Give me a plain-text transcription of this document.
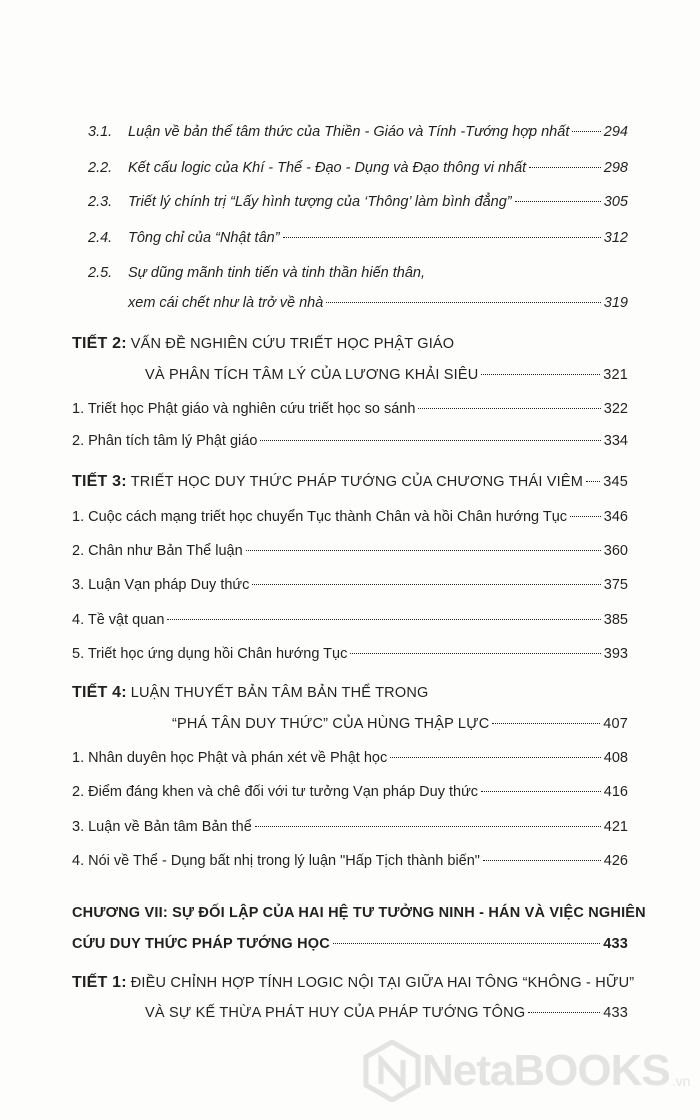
3.1.	Luận về bản thể tâm thức của Thiền - Giáo và Tính -Tướng hợp nhất 294
2.2.	Kết cấu logic của Khí - Thể - Đạo - Dụng và Đạo thông vi nhất	298
2.3.	Triết lý chính trị “Lấy hình tượng của ‘Thông’ làm bình đẳng”	305
2.4.	Tông chỉ của “Nhật tân”	312
2.5.	Sự dũng mãnh tinh tiến và tinh thần hiến thân,
xem cái chết như là trở về nhà	319
TIẾT 2: VẤN ĐỀ NGHIÊN CỨU TRIẾT HỌC PHẬT GIÁO
VÀ PHÂN TÍCH TÂM LÝ CỦA LƯƠNG KHẢI SIÊU	321
1. Triết học Phật giáo và nghiên cứu triết học so sánh	322
2. Phân tích tâm lý Phật giáo	334
TIẾT 3: TRIẾT HỌC DUY THỨC PHÁP TƯỚNG CỦA CHƯƠNG THÁI VIÊM 345
1. Cuộc cách mạng triết học chuyển Tục thành Chân và hồi Chân hướng Tục	346
2. Chân như Bản Thể luận	360
3. Luận Vạn pháp Duy thức	375
4. Tề vật quan	385
5. Triết học ứng dụng hồi Chân hướng Tục	393
TIẾT 4: LUẬN THUYẾT BẢN TÂM BẢN THỂ TRONG
“PHÁ TÂN DUY THỨC” CỦA HÙNG THẬP LỰC	407
1. Nhân duyên học Phật và phán xét về Phật học	408
2. Điểm đáng khen và chê đối với tư tưởng Vạn pháp Duy thức	416
3. Luận về Bản tâm Bản thể	421
4. Nói về Thể - Dụng bất nhị trong lý luận "Hấp Tịch thành biến"	426
CHƯƠNG VII: SỰ ĐỐI LẬP CỦA HAI HỆ TƯ TƯỞNG NINH - HÁN VÀ VIỆC NGHIÊN
CỨU DUY THỨC PHÁP TƯỚNG HỌC	433
TIẾT 1: ĐIỀU CHỈNH HỢP TÍNH LOGIC NỘI TẠI GIỮA HAI TÔNG “KHÔNG - HỮU”
VÀ SỰ KẾ THỪA PHÁT HUY CỦA PHÁP TƯỚNG TÔNG	433
NetaBOOKS .vn
